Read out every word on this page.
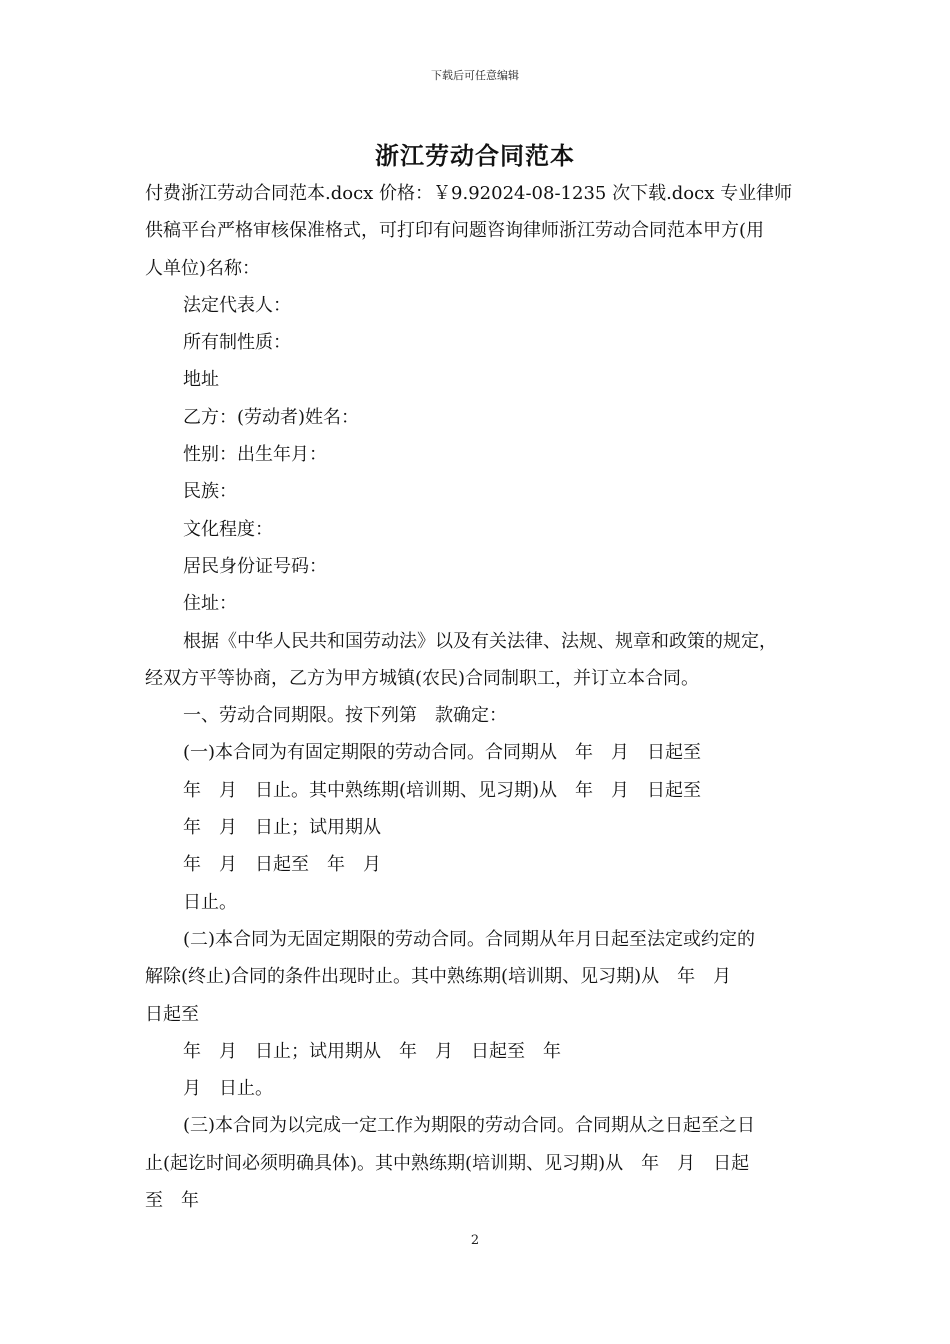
下载后可任意编辑
浙江劳动合同范本

付费浙江劳动合同范本.docx 价格：￥9.92024-08-1235 次下载.docx 专业律师

供稿平台严格审核保准格式，可打印有问题咨询律师浙江劳动合同范本甲方(用

人单位)名称：

法定代表人：

所有制性质：

地址

乙方：(劳动者)姓名：

性别：出生年月：

民族：

文化程度：

居民身份证号码：

住址：

根据《中华人民共和国劳动法》以及有关法律、法规、规章和政策的规定，

经双方平等协商，乙方为甲方城镇(农民)合同制职工，并订立本合同。

一、劳动合同期限。按下列第　款确定：

(一)本合同为有固定期限的劳动合同。合同期从　年　月　日起至

年　月　日止。其中熟练期(培训期、见习期)从　年　月　日起至

年　月　日止；试用期从

年　月　日起至　年　月

日止。

(二)本合同为无固定期限的劳动合同。合同期从年月日起至法定或约定的

解除(终止)合同的条件出现时止。其中熟练期(培训期、见习期)从　年　月

日起至

年　月　日止；试用期从　年　月　日起至　年

月　日止。

(三)本合同为以完成一定工作为期限的劳动合同。合同期从之日起至之日

止(起讫时间必须明确具体)。其中熟练期(培训期、见习期)从　年　月　日起

至　年

2
